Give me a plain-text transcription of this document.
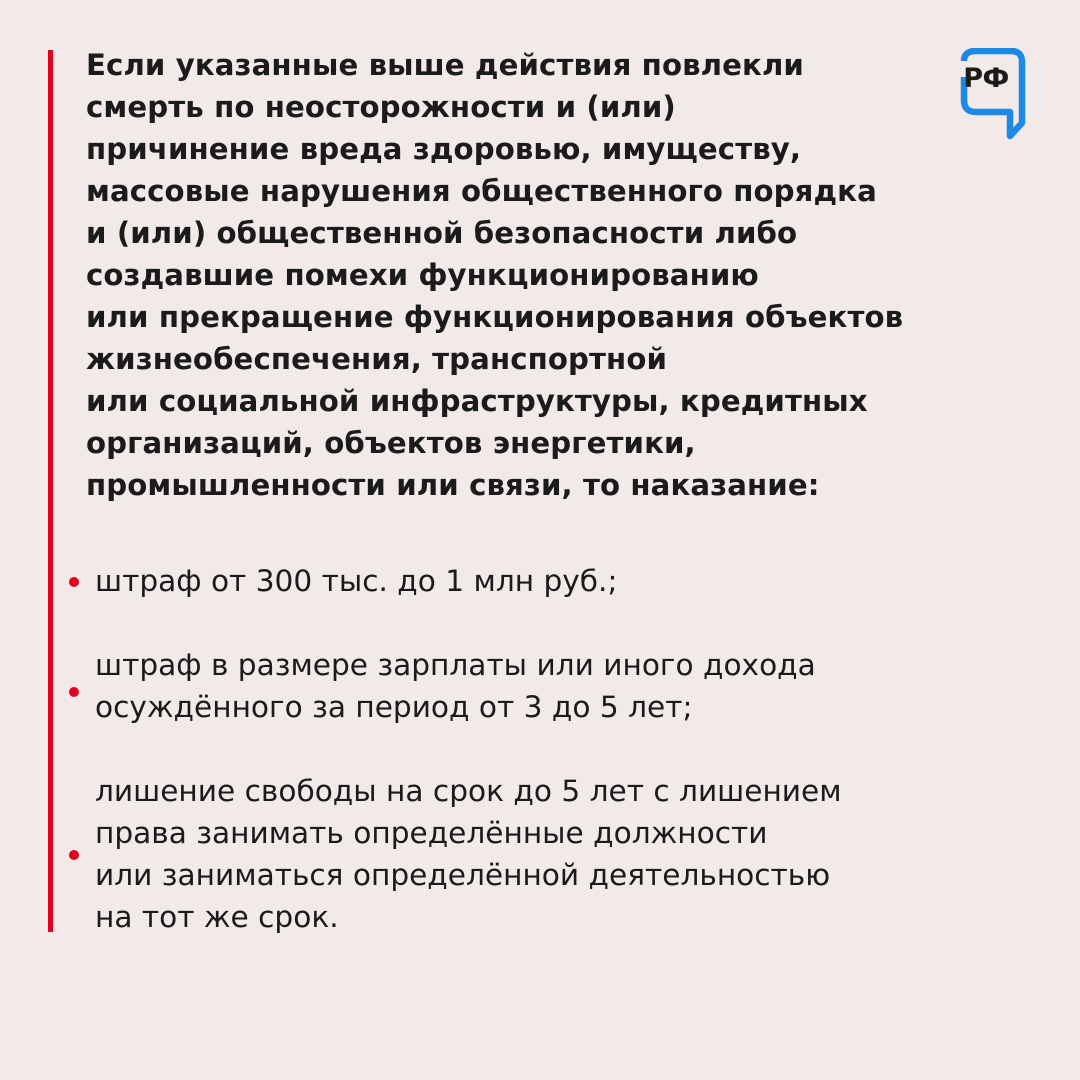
РФ
Если указанные выше действия повлекли
смерть по неосторожности и (или)
причинение вреда здоровью, имуществу,
массовые нарушения общественного порядка
и (или) общественной безопасности либо
создавшие помехи функционированию
или прекращение функционирования объектов
жизнеобеспечения, транспортной
или социальной инфраструктуры, кредитных
организаций, объектов энергетики,
промышленности или связи, то наказание:
штраф от 300 тыс. до 1 млн руб.;
штраф в размере зарплаты или иного дохода
осуждённого за период от 3 до 5 лет;
лишение свободы на срок до 5 лет с лишением
права занимать определённые должности
или заниматься определённой деятельностью
на тот же срок.
